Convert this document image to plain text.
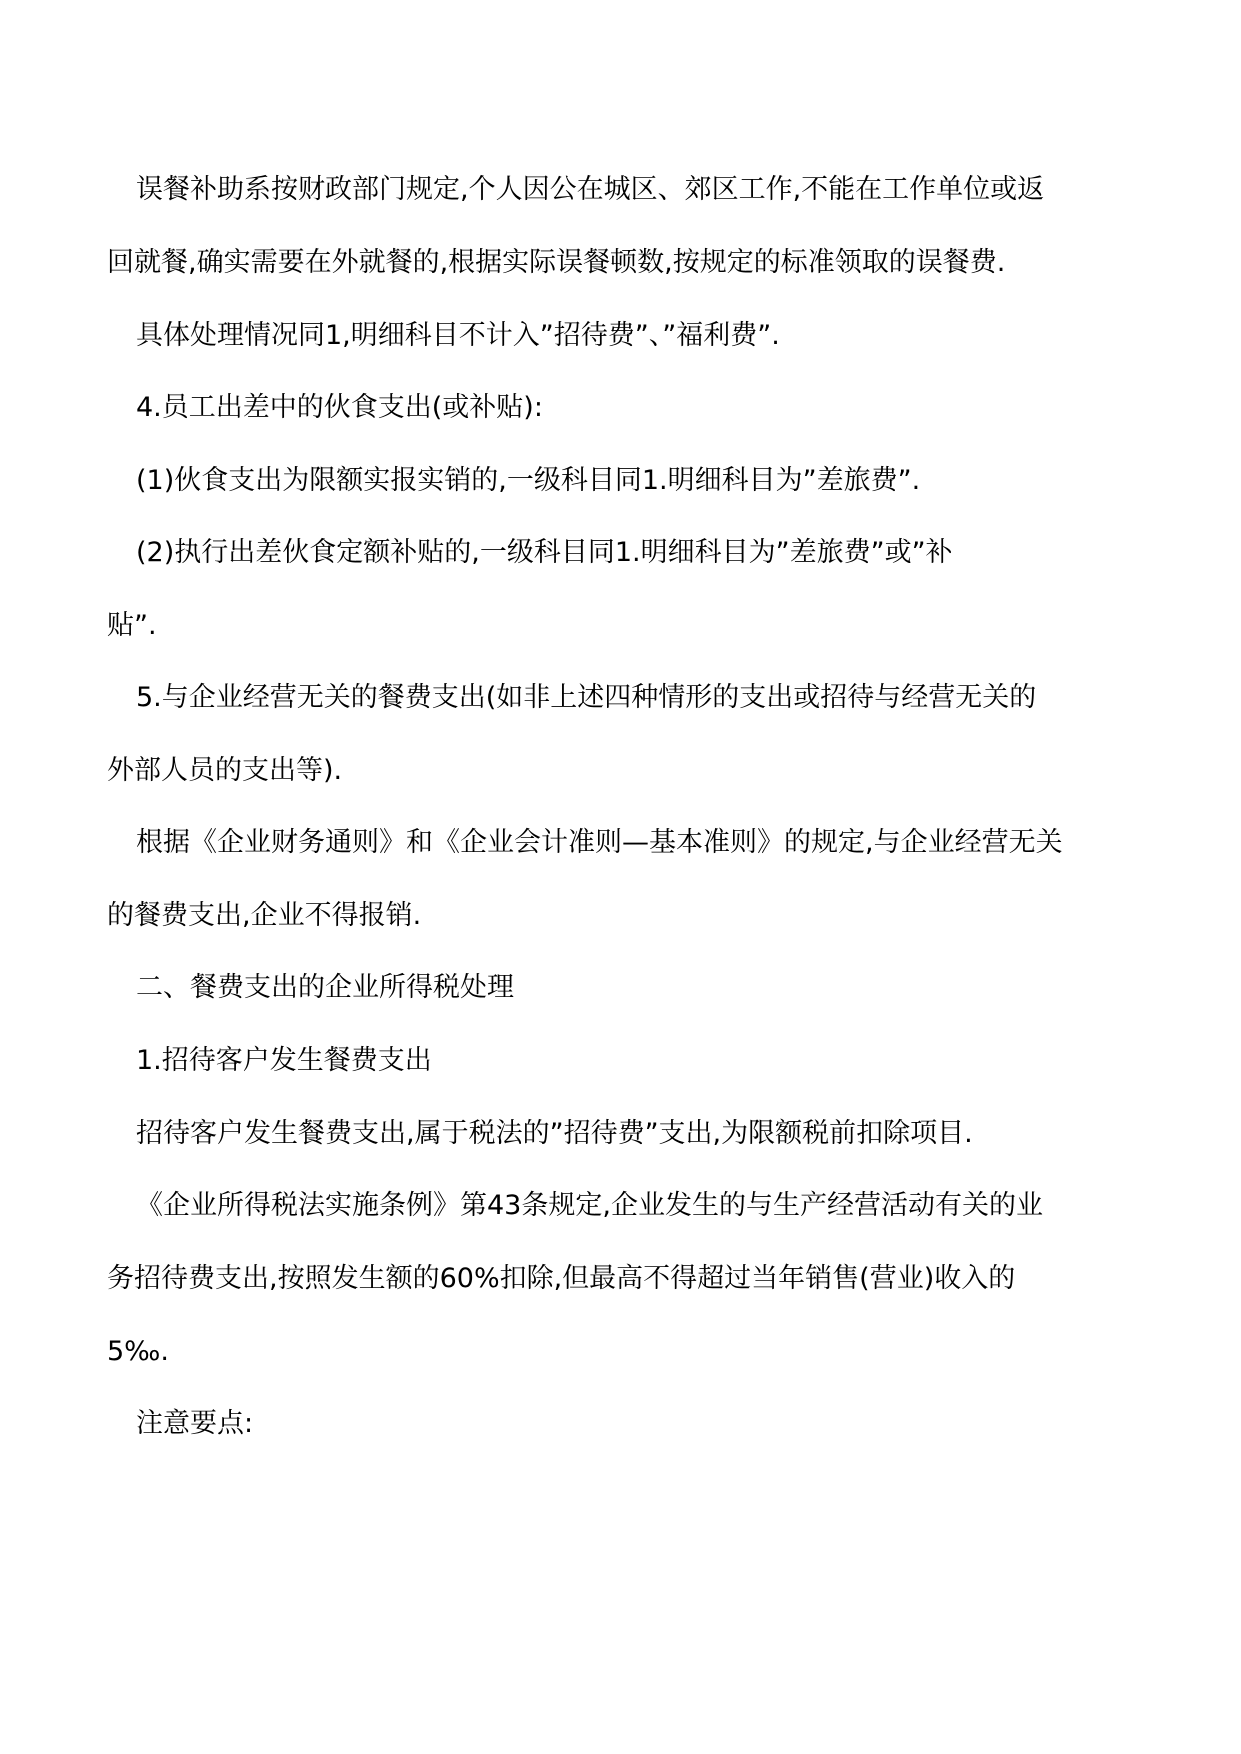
误餐补助系按财政部门规定,个人因公在城区、郊区工作,不能在工作单位或返
回就餐,确实需要在外就餐的,根据实际误餐顿数,按规定的标准领取的误餐费.
具体处理情况同1,明细科目不计入”招待费”、”福利费”.
4.员工出差中的伙食支出(或补贴):
(1)伙食支出为限额实报实销的,一级科目同1.明细科目为”差旅费”.
(2)执行出差伙食定额补贴的,一级科目同1.明细科目为”差旅费”或”补
贴”.
5.与企业经营无关的餐费支出(如非上述四种情形的支出或招待与经营无关的
外部人员的支出等).
根据《企业财务通则》和《企业会计准则—基本准则》的规定,与企业经营无关
的餐费支出,企业不得报销.
二、餐费支出的企业所得税处理
1.招待客户发生餐费支出
招待客户发生餐费支出,属于税法的”招待费”支出,为限额税前扣除项目.
《企业所得税法实施条例》第43条规定,企业发生的与生产经营活动有关的业
务招待费支出,按照发生额的60%扣除,但最高不得超过当年销售(营业)收入的
5‰.
注意要点:
